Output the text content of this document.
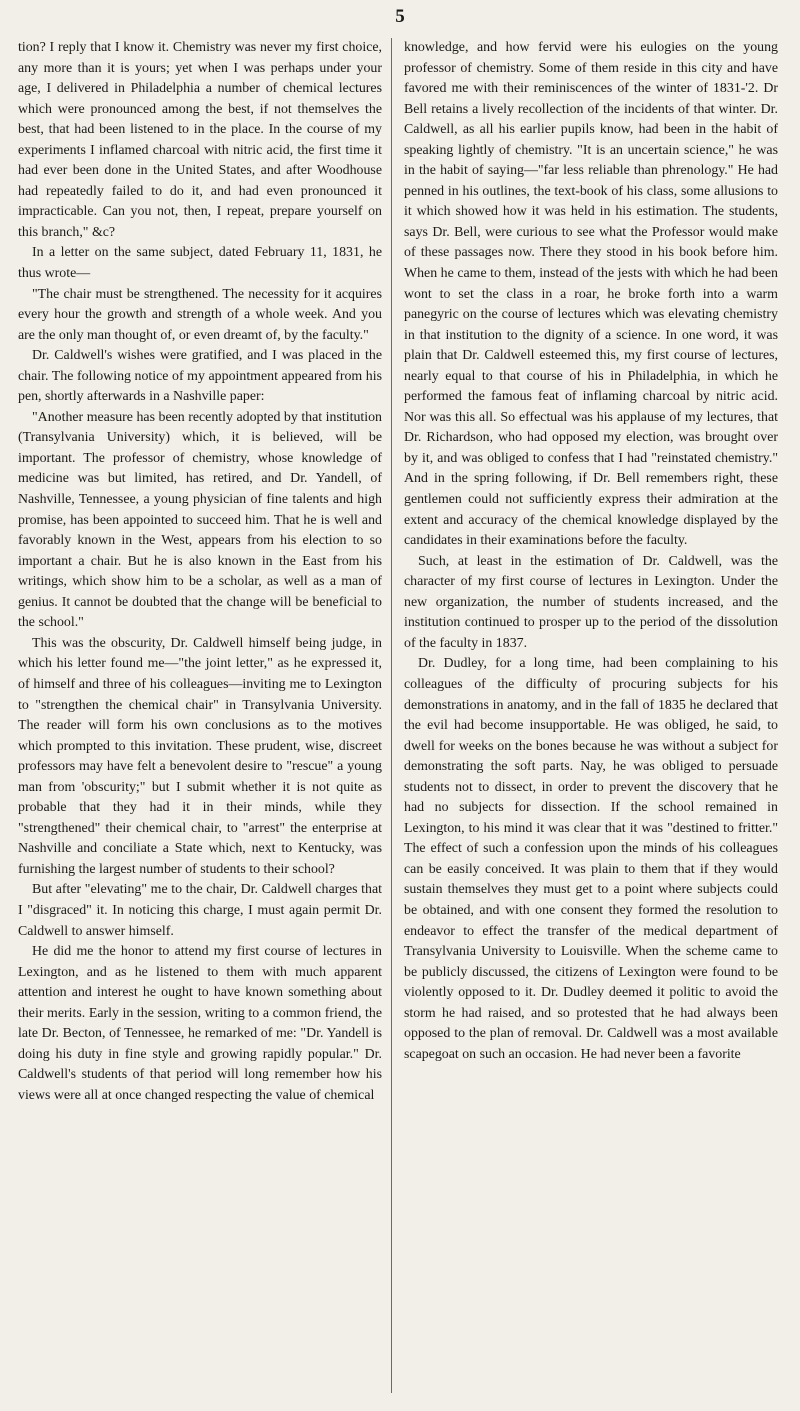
5

tion? I reply that I know it. Chemistry was never my first choice, any more than it is yours; yet when I was perhaps under your age, I delivered in Philadelphia a number of chemical lectures which were pronounced among the best, if not themselves the best, that had been listened to in the place. In the course of my experiments I inflamed charcoal with nitric acid, the first time it had ever been done in the United States, and after Woodhouse had repeatedly failed to do it, and had even pronounced it impracticable. Can you not, then, I repeat, prepare yourself on this branch," &c?

In a letter on the same subject, dated February 11, 1831, he thus wrote—

"The chair must be strengthened. The necessity for it acquires every hour the growth and strength of a whole week. And you are the only man thought of, or even dreamt of, by the faculty."

Dr. Caldwell's wishes were gratified, and I was placed in the chair. The following notice of my appointment appeared from his pen, shortly afterwards in a Nashville paper:

"Another measure has been recently adopted by that institution (Transylvania University) which, it is believed, will be important. The professor of chemistry, whose knowledge of medicine was but limited, has retired, and Dr. Yandell, of Nashville, Tennessee, a young physician of fine talents and high promise, has been appointed to succeed him. That he is well and favorably known in the West, appears from his election to so important a chair. But he is also known in the East from his writings, which show him to be a scholar, as well as a man of genius. It cannot be doubted that the change will be beneficial to the school."

This was the obscurity, Dr. Caldwell himself being judge, in which his letter found me—"the joint letter," as he expressed it, of himself and three of his colleagues—inviting me to Lexington to "strengthen the chemical chair" in Transylvania University. The reader will form his own conclusions as to the motives which prompted to this invitation. These prudent, wise, discreet professors may have felt a benevolent desire to "rescue" a young man from 'obscurity;" but I submit whether it is not quite as probable that they had it in their minds, while they "strengthened" their chemical chair, to "arrest" the enterprise at Nashville and conciliate a State which, next to Kentucky, was furnishing the largest number of students to their school?

But after "elevating" me to the chair, Dr. Caldwell charges that I "disgraced" it. In noticing this charge, I must again permit Dr. Caldwell to answer himself.

He did me the honor to attend my first course of lectures in Lexington, and as he listened to them with much apparent attention and interest he ought to have known something about their merits. Early in the session, writing to a common friend, the late Dr. Becton, of Tennessee, he remarked of me: "Dr. Yandell is doing his duty in fine style and growing rapidly popular." Dr. Caldwell's students of that period will long remember how his views were all at once changed respecting the value of chemical

knowledge, and how fervid were his eulogies on the young professor of chemistry. Some of them reside in this city and have favored me with their reminiscences of the winter of 1831-'2. Dr Bell retains a lively recollection of the incidents of that winter. Dr. Caldwell, as all his earlier pupils know, had been in the habit of speaking lightly of chemistry. "It is an uncertain science," he was in the habit of saying—"far less reliable than phrenology." He had penned in his outlines, the text-book of his class, some allusions to it which showed how it was held in his estimation. The students, says Dr. Bell, were curious to see what the Professor would make of these passages now. There they stood in his book before him. When he came to them, instead of the jests with which he had been wont to set the class in a roar, he broke forth into a warm panegyric on the course of lectures which was elevating chemistry in that institution to the dignity of a science. In one word, it was plain that Dr. Caldwell esteemed this, my first course of lectures, nearly equal to that course of his in Philadelphia, in which he performed the famous feat of inflaming charcoal by nitric acid. Nor was this all. So effectual was his applause of my lectures, that Dr. Richardson, who had opposed my election, was brought over by it, and was obliged to confess that I had "reinstated chemistry." And in the spring following, if Dr. Bell remembers right, these gentlemen could not sufficiently express their admiration at the extent and accuracy of the chemical knowledge displayed by the candidates in their examinations before the faculty.

Such, at least in the estimation of Dr. Caldwell, was the character of my first course of lectures in Lexington. Under the new organization, the number of students increased, and the institution continued to prosper up to the period of the dissolution of the faculty in 1837.

Dr. Dudley, for a long time, had been complaining to his colleagues of the difficulty of procuring subjects for his demonstrations in anatomy, and in the fall of 1835 he declared that the evil had become insupportable. He was obliged, he said, to dwell for weeks on the bones because he was without a subject for demonstrating the soft parts. Nay, he was obliged to persuade students not to dissect, in order to prevent the discovery that he had no subjects for dissection. If the school remained in Lexington, to his mind it was clear that it was "destined to fritter." The effect of such a confession upon the minds of his colleagues can be easily conceived. It was plain to them that if they would sustain themselves they must get to a point where subjects could be obtained, and with one consent they formed the resolution to endeavor to effect the transfer of the medical department of Transylvania University to Louisville. When the scheme came to be publicly discussed, the citizens of Lexington were found to be violently opposed to it. Dr. Dudley deemed it politic to avoid the storm he had raised, and so protested that he had always been opposed to the plan of removal. Dr. Caldwell was a most available scapegoat on such an occasion. He had never been a favorite
